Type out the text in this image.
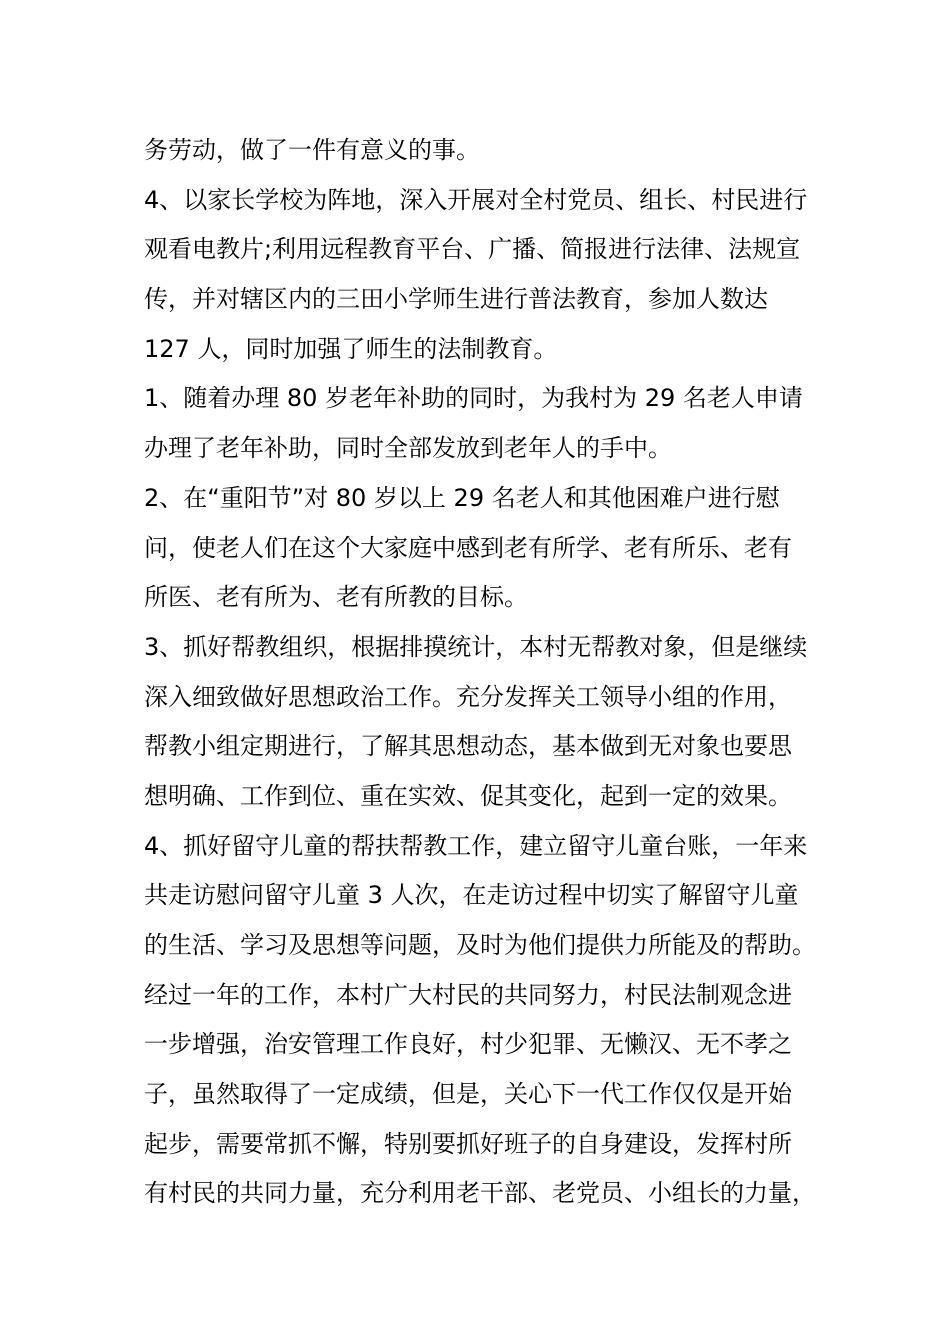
务劳动，做了一件有意义的事。
4、以家长学校为阵地，深入开展对全村党员、组长、村民进行
观看电教片;利用远程教育平台、广播、简报进行法律、法规宣
传，并对辖区内的三田小学师生进行普法教育，参加人数达
127 人，同时加强了师生的法制教育。
1、随着办理 80 岁老年补助的同时，为我村为 29 名老人申请
办理了老年补助，同时全部发放到老年人的手中。
2、在“重阳节”对 80 岁以上 29 名老人和其他困难户进行慰
问，使老人们在这个大家庭中感到老有所学、老有所乐、老有
所医、老有所为、老有所教的目标。
3、抓好帮教组织，根据排摸统计，本村无帮教对象，但是继续
深入细致做好思想政治工作。充分发挥关工领导小组的作用，
帮教小组定期进行，了解其思想动态，基本做到无对象也要思
想明确、工作到位、重在实效、促其变化，起到一定的效果。
4、抓好留守儿童的帮扶帮教工作，建立留守儿童台账，一年来
共走访慰问留守儿童 3 人次，在走访过程中切实了解留守儿童
的生活、学习及思想等问题，及时为他们提供力所能及的帮助。
经过一年的工作，本村广大村民的共同努力，村民法制观念进
一步增强，治安管理工作良好，村少犯罪、无懒汉、无不孝之
子，虽然取得了一定成绩，但是，关心下一代工作仅仅是开始
起步，需要常抓不懈，特别要抓好班子的自身建设，发挥村所
有村民的共同力量，充分利用老干部、老党员、小组长的力量，
